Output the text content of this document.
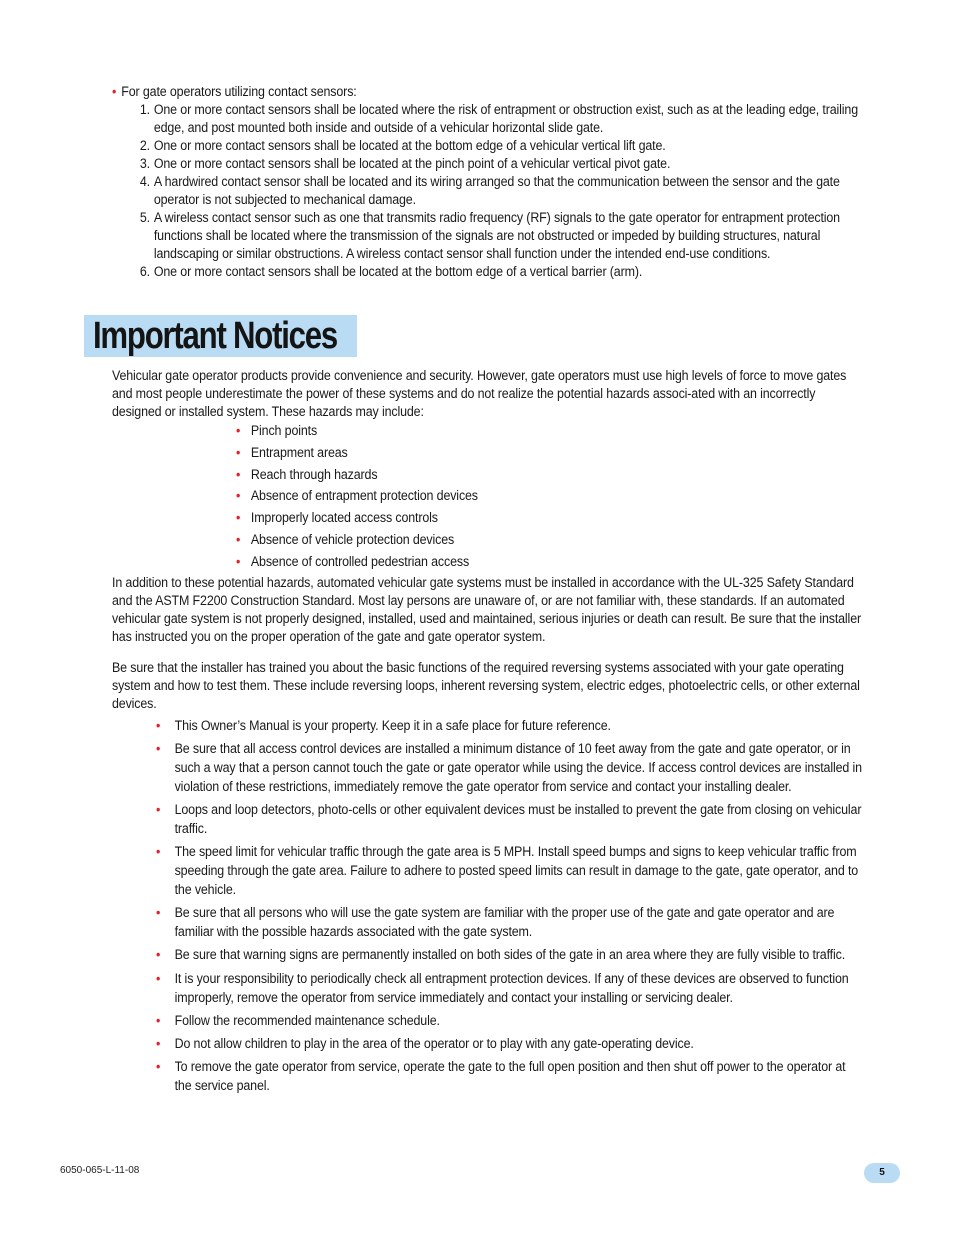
• For gate operators utilizing contact sensors:
1. One or more contact sensors shall be located where the risk of entrapment or obstruction exist, such as at the leading edge, trailing edge, and post mounted both inside and outside of a vehicular horizontal slide gate.
2. One or more contact sensors shall be located at the bottom edge of a vehicular vertical lift gate.
3. One or more contact sensors shall be located at the pinch point of a vehicular vertical pivot gate.
4. A hardwired contact sensor shall be located and its wiring arranged so that the communication between the sensor and the gate operator is not subjected to mechanical damage.
5. A wireless contact sensor such as one that transmits radio frequency (RF) signals to the gate operator for entrapment protection functions shall be located where the transmission of the signals are not obstructed or impeded by building structures, natural landscaping or similar obstructions. A wireless contact sensor shall function under the intended end-use conditions.
6. One or more contact sensors shall be located at the bottom edge of a vertical barrier (arm).
Important Notices

Vehicular gate operator products provide convenience and security. However, gate operators must use high levels of force to move gates and most people underestimate the power of these systems and do not realize the potential hazards associ-ated with an incorrectly designed or installed system. These hazards may include:

• Pinch points
• Entrapment areas
• Reach through hazards
• Absence of entrapment protection devices
• Improperly located access controls
• Absence of vehicle protection devices
• Absence of controlled pedestrian access

In addition to these potential hazards, automated vehicular gate systems must be installed in accordance with the UL-325 Safety Standard and the ASTM F2200 Construction Standard. Most lay persons are unaware of, or are not familiar with, these standards. If an automated vehicular gate system is not properly designed, installed, used and maintained, serious injuries or death can result. Be sure that the installer has instructed you on the proper operation of the gate and gate operator system.

Be sure that the installer has trained you about the basic functions of the required reversing systems associated with your gate operating system and how to test them. These include reversing loops, inherent reversing system, electric edges, photoelectric cells, or other external devices.

• This Owner’s Manual is your property. Keep it in a safe place for future reference.
• Be sure that all access control devices are installed a minimum distance of 10 feet away from the gate and gate operator, or in such a way that a person cannot touch the gate or gate operator while using the device. If access control devices are installed in violation of these restrictions, immediately remove the gate operator from service and contact your installing dealer.
• Loops and loop detectors, photo-cells or other equivalent devices must be installed to prevent the gate from closing on vehicular traffic.
• The speed limit for vehicular traffic through the gate area is 5 MPH. Install speed bumps and signs to keep vehicular traffic from speeding through the gate area. Failure to adhere to posted speed limits can result in damage to the gate, gate operator, and to the vehicle.
• Be sure that all persons who will use the gate system are familiar with the proper use of the gate and gate operator and are familiar with the possible hazards associated with the gate system.
• Be sure that warning signs are permanently installed on both sides of the gate in an area where they are fully visible to traffic.
• It is your responsibility to periodically check all entrapment protection devices. If any of these devices are observed to function improperly, remove the operator from service immediately and contact your installing or servicing dealer.
• Follow the recommended maintenance schedule.
• Do not allow children to play in the area of the operator or to play with any gate-operating device.
• To remove the gate operator from service, operate the gate to the full open position and then shut off power to the operator at the service panel.
6050-065-L-11-08	5
